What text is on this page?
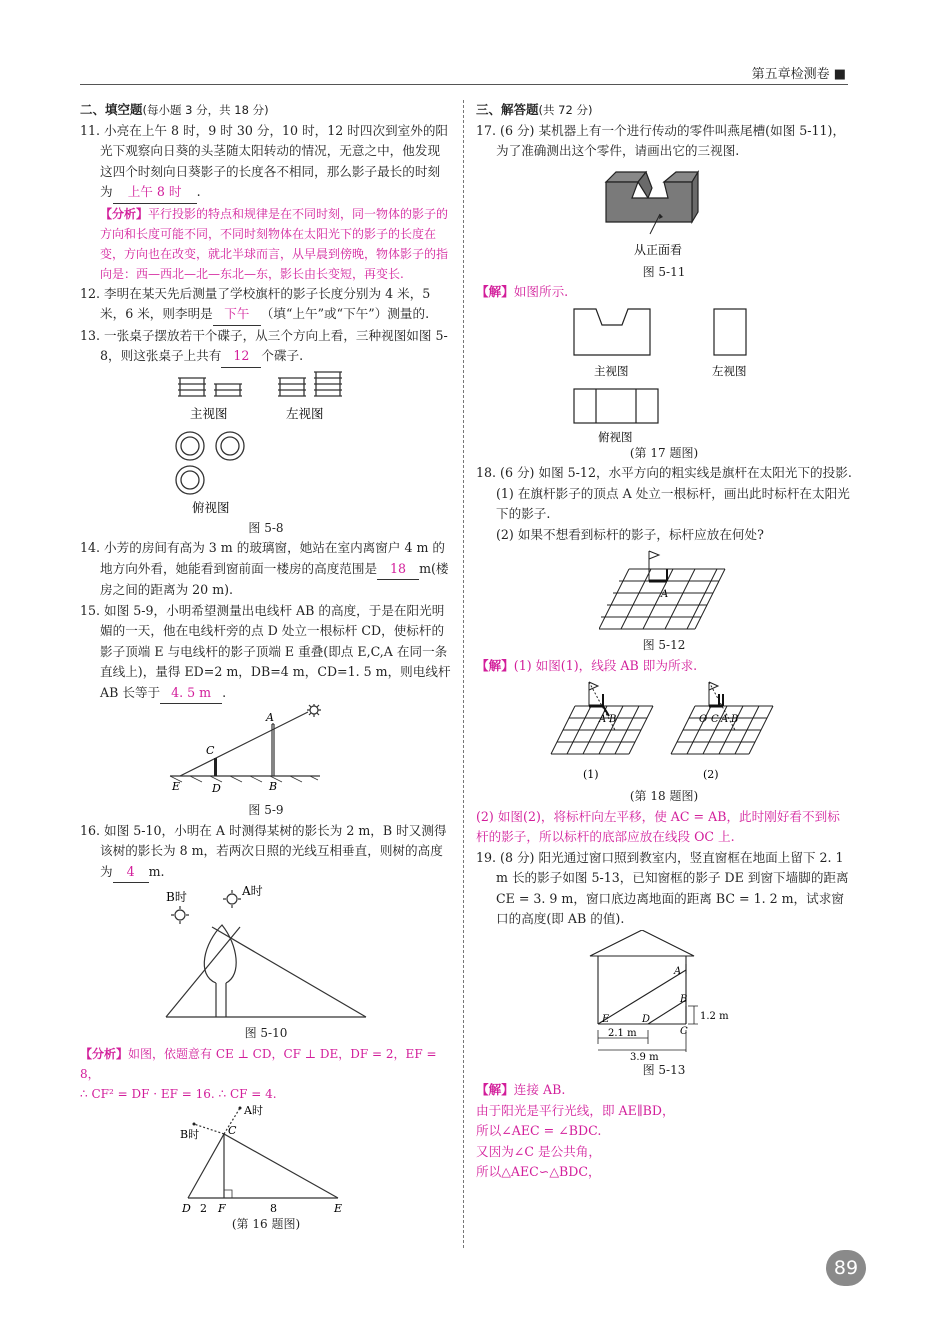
第五章检测卷 ■

二、填空题(每小题 3 分，共 18 分)

11. 小亮在上午 8 时，9 时 30 分，10 时，12 时四次到室外的阳光下观察向日葵的头茎随太阳转动的情况，无意之中，他发现这四个时刻向日葵影子的长度各不相同，那么影子最长的时刻为 上午 8 时 .

【分析】平行投影的特点和规律是在不同时刻，同一物体的影子的方向和长度可能不同，不同时刻物体在太阳光下的影子的长度在变，方向也在改变，就北半球而言，从早晨到傍晚，物体影子的指向是：西—西北—北—东北—东，影长由长变短，再变长.

12. 李明在某天先后测量了学校旗杆的影子长度分别为 4 米，5 米，6 米，则李明是 下午 （填“上午”或“下午”）测量的.

13. 一张桌子摆放若干个碟子，从三个方向上看，三种视图如图 5-8，则这张桌子上共有 12 个碟子.

主视图	左视图
俯视图

图 5-8

14. 小芳的房间有高为 3 m 的玻璃窗，她站在室内离窗户 4 m 的地方向外看，她能看到窗前面一楼房的高度范围是 18 m(楼房之间的距离为 20 m).

15. 如图 5-9，小明希望测量出电线杆 AB 的高度，于是在阳光明媚的一天，他在电线杆旁的点 D 处立一根标杆 CD，使标杆的影子顶端 E 与电线杆的影子顶端 E 重叠(即点 E,C,A 在同一条直线上)，量得 ED=2 m，DB=4 m，CD=1. 5 m，则电线杆 AB 长等于 4. 5 m .

A
B
C
D
E

图 5-9

16. 如图 5-10，小明在 A 时测得某树的影长为 2 m，B 时又测得该树的影长为 8 m，若两次日照的光线互相垂直，则树的高度为 4 m.

B时	A时

图 5-10

【分析】如图，依题意有 CE ⊥ CD，CF ⊥ DE，DF = 2，EF = 8，

∴ CF² = DF · EF = 16. ∴ CF = 4.

A时
B时	C
D 2 F	8	E

(第 16 题图)

三、解答题(共 72 分)

17. (6 分) 某机器上有一个进行传动的零件叫燕尾槽(如图 5-11)，为了准确测出这个零件，请画出它的三视图.

从正面看

图 5-11

【解】如图所示.

主视图	左视图
俯视图

(第 17 题图)

18. (6 分) 如图 5-12，水平方向的粗实线是旗杆在太阳光下的投影.

(1) 在旗杆影子的顶点 A 处立一根标杆，画出此时标杆在太阳光下的影子.

(2) 如果不想看到标杆的影子，标杆应放在何处?

A

图 5-12

【解】(1) 如图(1)，线段 AB 即为所求.

A B	O C A B
(1)	(2)

(第 18 题图)

(2) 如图(2)，将标杆向左平移，使 AC = AB，此时刚好看不到标杆的影子，所以标杆的底部应放在线段 OC 上.

19. (8 分) 阳光通过窗口照到教室内，竖直窗框在地面上留下 2. 1 m 长的影子如图 5-13，已知窗框的影子 DE 到窗下墙脚的距离 CE = 3. 9 m，窗口底边离地面的距离 BC = 1. 2 m，试求窗口的高度(即 AB 的值).

A
B
C
D
E	1.2 m
2.1 m
3.9 m

图 5-13

【解】连接 AB.

由于阳光是平行光线，即 AE∥BD，

所以∠AEC = ∠BDC.

又因为∠C 是公共角，

所以△AEC∽△BDC，

89
